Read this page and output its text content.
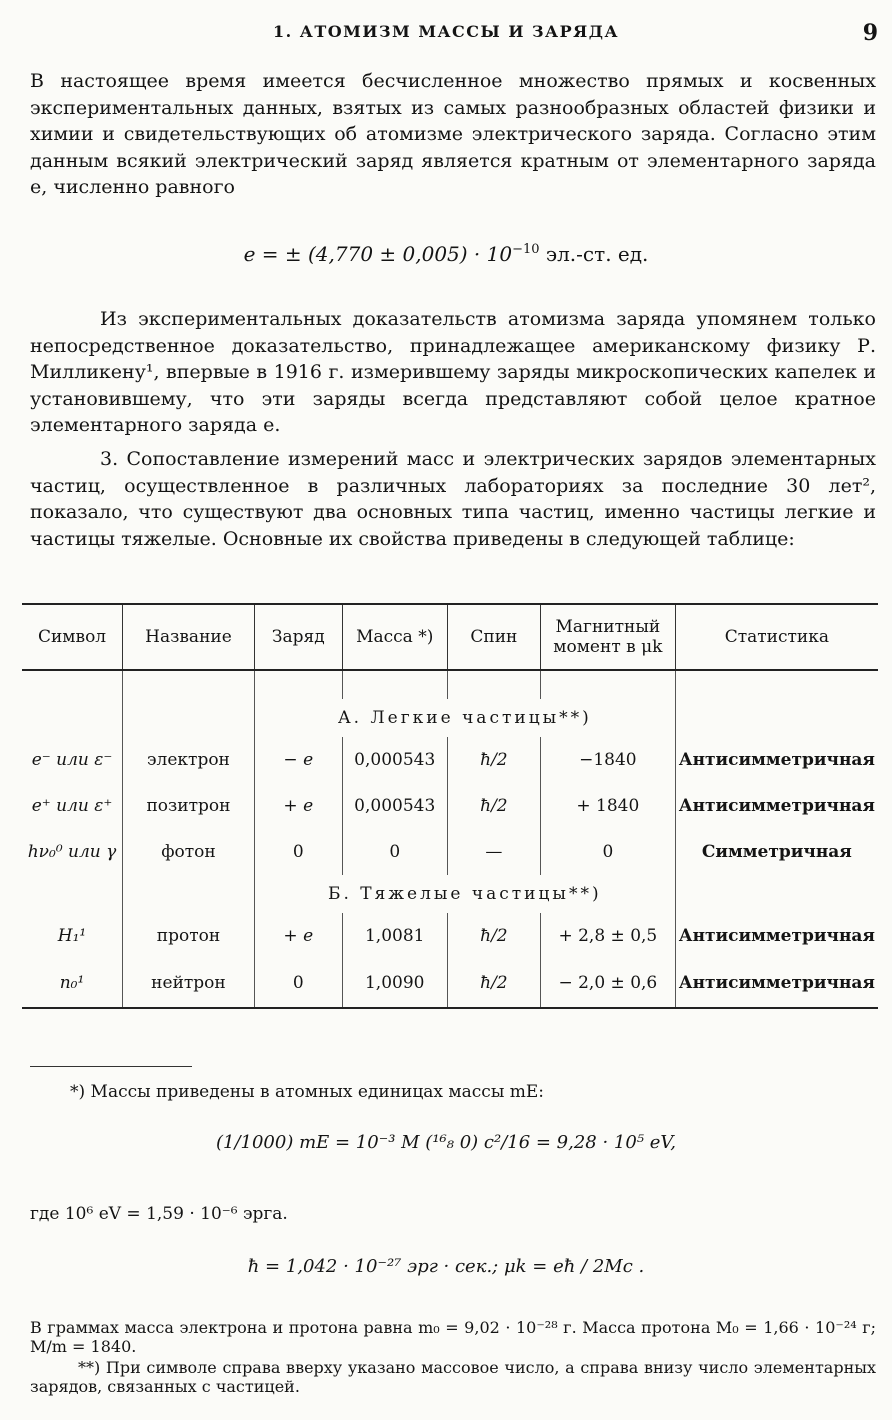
1. АТОМИЗМ МАССЫ И ЗАРЯДА	9

В настоящее время имеется бесчисленное множество прямых и косвенных экспериментальных данных, взятых из самых разнообразных областей физики и химии и свидетельствующих об атомизме электрического заряда. Согласно этим данным всякий электрический заряд является кратным от элементарного заряда e, численно равного

e = ± $(4,770 \pm 0,005) \cdot 10^{-10}$ эл.-ст. ед.

Из экспериментальных доказательств атомизма заряда упомянем только непосредственное доказательство, принадлежащее американскому физику Р. Милликену¹, впервые в 1916 г. измерившему заряды микроскопических капелек и установившему, что эти заряды всегда представляют собой целое кратное элементарного заряда e.

3. Сопоставление измерений масс и электрических зарядов элементарных частиц, осуществленное в различных лабораториях за последние 30 лет², показало, что существуют два основных типа частиц, именно частицы легкие и частицы тяжелые. Основные их свойства приведены в следующей таблице:

Символ	Название	Заряд	Масса *)	Спин	Магнитный момент в μk	Статистика

		А. Легкие частицы**)				
e⁻ или ε⁻	электрон	− e	0,000543	ħ/2	−1840	Антисимметричная
e⁺ или ε⁺	позитрон	+ e	0,000543	ħ/2	+ 1840	Антисимметричная
hν₀⁰ или γ	фотон	0	0	—	0	Симметричная
		Б. Тяжелые частицы**)				
H₁¹	протон	+ e	1,0081	ħ/2	+ 2,8 ± 0,5	Антисимметричная
n₀¹	нейтрон	0	1,0090	ħ/2	− 2,0 ± 0,6	Антисимметричная

*) Массы приведены в атомных единицах массы mE:

(1/1000) mE = 10⁻³ M (¹⁶₈ 0) c²/16 = 9,28 · 10⁵ eV,

где 10⁶ eV = 1,59 · 10⁻⁶ эрга.

ħ = 1,042 · 10⁻²⁷ эрг · сек.; μk = eħ / 2Mc .

В граммах масса электрона и протона равна m₀ = 9,02 · 10⁻²⁸ г. Масса протона M₀ = 1,66 · 10⁻²⁴ г; M/m = 1840.

**) При символе справа вверху указано массовое число, а справа внизу число элементарных зарядов, связанных с частицей.
